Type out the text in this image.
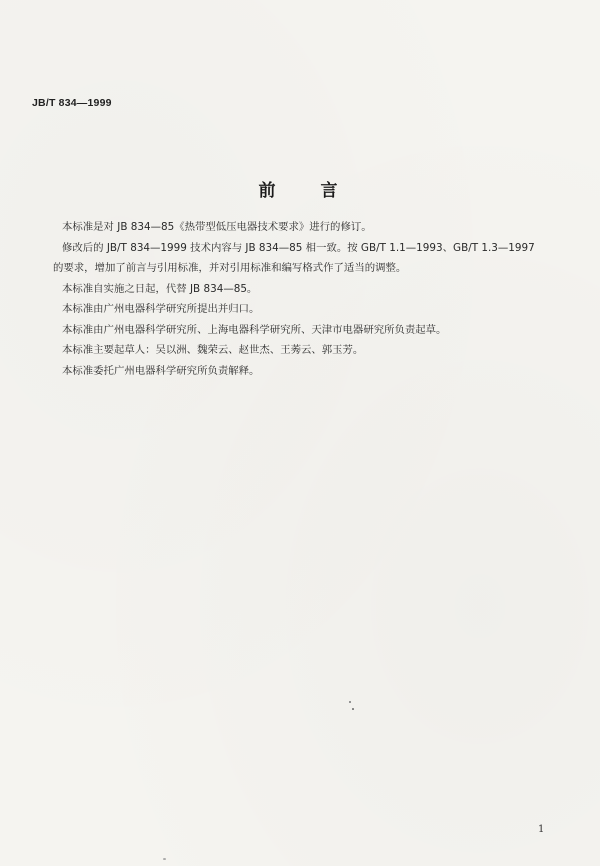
JB/T 834—1999
前　言

本标准是对 JB 834—85《热带型低压电器技术要求》进行的修订。

修改后的 JB/T 834—1999 技术内容与 JB 834—85 相一致。按 GB/T 1.1—1993、GB/T 1.3—1997

的要求，增加了前言与引用标准，并对引用标准和编写格式作了适当的调整。

本标准自实施之日起，代替 JB 834—85。

本标准由广州电器科学研究所提出并归口。

本标准由广州电器科学研究所、上海电器科学研究所、天津市电器研究所负责起草。

本标准主要起草人：吴以洲、魏荣云、赵世杰、王莠云、郭玉芳。

本标准委托广州电器科学研究所负责解释。

1
